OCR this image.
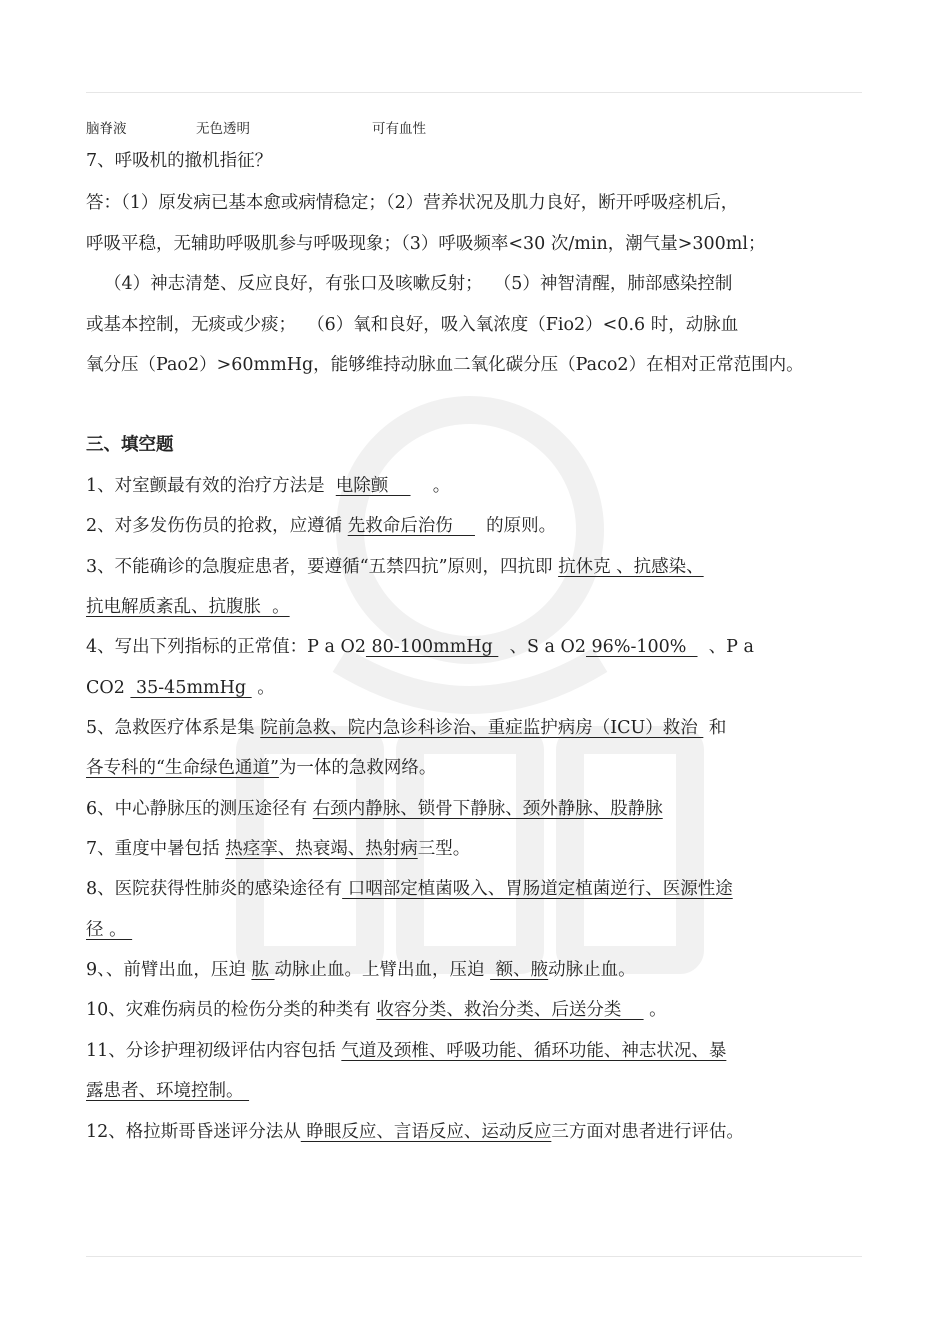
脑脊液	无色透明	可有血性
7、呼吸机的撤机指征？
答：（1）原发病已基本愈或病情稳定；（2）营养状况及肌力良好，断开呼吸痉机后，
呼吸平稳，无辅助呼吸肌参与呼吸现象；（3）呼吸频率<30 次/min，潮气量>300ml；
（4）神志清楚、反应良好，有张口及咳嗽反射；  （5）神智清醒，肺部感染控制
或基本控制，无痰或少痰；  （6）氧和良好，吸入氧浓度（Fio2）<0.6 时，动脉血
氧分压（Pao2）>60mmHg，能够维持动脉血二氧化碳分压（Paco2）在相对正常范围内。
三、填空题
1、对室颤最有效的治疗方法是  电除颤        。
2、对多发伤伤员的抢救，应遵循 先救命后治伤      的原则。
3、不能确诊的急腹症患者，要遵循“五禁四抗”原则，四抗即 抗休克 、抗感染、
抗电解质紊乱、抗腹胀  。
4、写出下列指标的正常值：P a O2 80-100mmHg   、S a O2 96%-100%    、P a
CO2  35-45mmHg  。
5、急救医疗体系是集 院前急救、院内急诊科诊治、重症监护病房（ICU）救治  和
各专科的“生命绿色通道”为一体的急救网络。
6、中心静脉压的测压途径有 右颈内静脉、锁骨下静脉、颈外静脉、股静脉
7、重度中暑包括 热痉挛、热衰竭、热射病三型。
8、医院获得性肺炎的感染途径有 口咽部定植菌吸入、胃肠道定植菌逆行、医源性途
径 。
9、、前臂出血，压迫 肱 动脉止血。上臂出血，压迫  额、腋动脉止血。
10、灾难伤病员的检伤分类的种类有 收容分类、救治分类、后送分类     。
11、分诊护理初级评估内容包括 气道及颈椎、呼吸功能、循环功能、神志状况、暴
露患者、环境控制。
12、格拉斯哥昏迷评分法从 睁眼反应、言语反应、运动反应三方面对患者进行评估。
